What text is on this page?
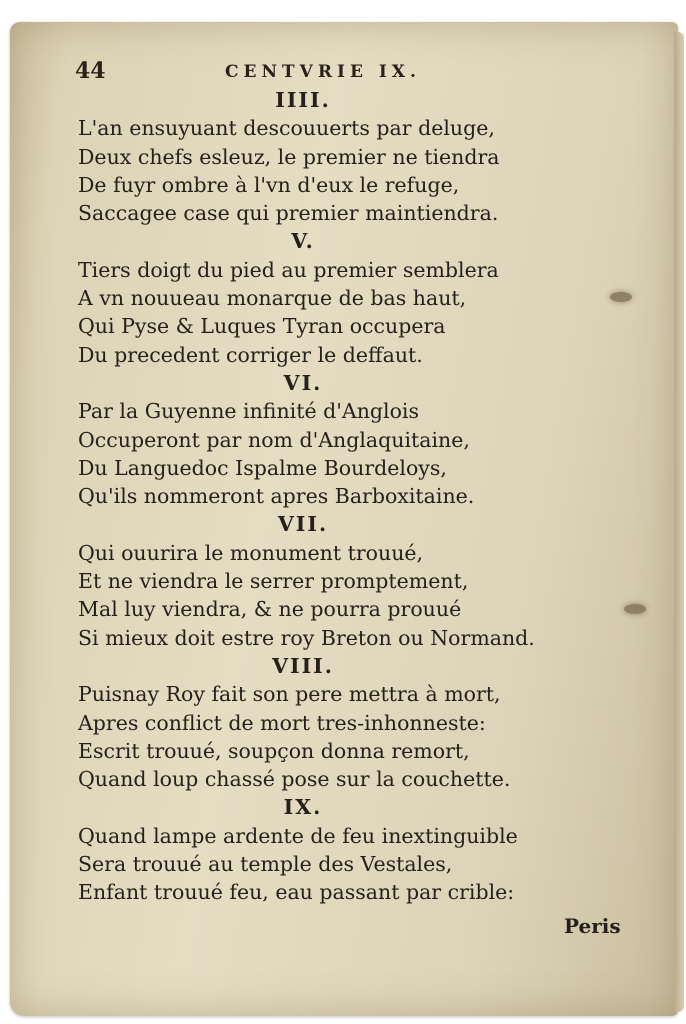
44	CENTVRIE IX.
IIII.
L'an ensuyuant descouuerts par deluge,
Deux chefs esleuz, le premier ne tiendra
De fuyr ombre à l'vn d'eux le refuge,
Saccagee case qui premier maintiendra.
V.
Tiers doigt du pied au premier semblera
A vn nouueau monarque de bas haut,
Qui Pyse & Luques Tyran occupera
Du precedent corriger le deffaut.
VI.
Par la Guyenne infinité d'Anglois
Occuperont par nom d'Anglaquitaine,
Du Languedoc Ispalme Bourdeloys,
Qu'ils nommeront apres Barboxitaine.
VII.
Qui ouurira le monument trouué,
Et ne viendra le serrer promptement,
Mal luy viendra, & ne pourra prouué
Si mieux doit estre roy Breton ou Normand.
VIII.
Puisnay Roy fait son pere mettra à mort,
Apres conflict de mort tres-inhonneste:
Escrit trouué, soupçon donna remort,
Quand loup chassé pose sur la couchette.
IX.
Quand lampe ardente de feu inextinguible
Sera trouué au temple des Vestales,
Enfant trouué feu, eau passant par crible:
Peris
